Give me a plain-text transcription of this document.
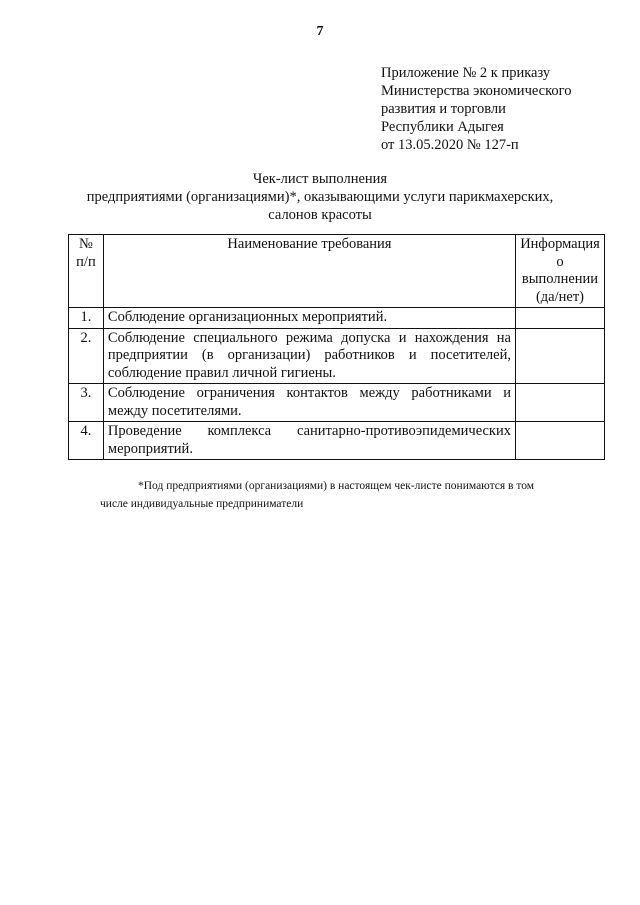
7
Приложение № 2 к приказу
Министерства экономического
развития и торговли
Республики Адыгея
от 13.05.2020 № 127-п
Чек-лист выполнения
предприятиями (организациями)*, оказывающими услуги парикмахерских,
салонов красоты
№ п/п	Наименование требования	Информация о выполнении (да/нет)
1.	Соблюдение организационных мероприятий.	
2.	Соблюдение специального режима допуска и нахождения на предприятии (в организации) работников и посетителей, соблюдение правил личной гигиены.	
3.	Соблюдение ограничения контактов между работниками и между посетителями.	
4.	Проведение комплекса санитарно-противоэпидемических мероприятий.	
*Под предприятиями (организациями) в настоящем чек-листе понимаются в том
числе индивидуальные предприниматели
